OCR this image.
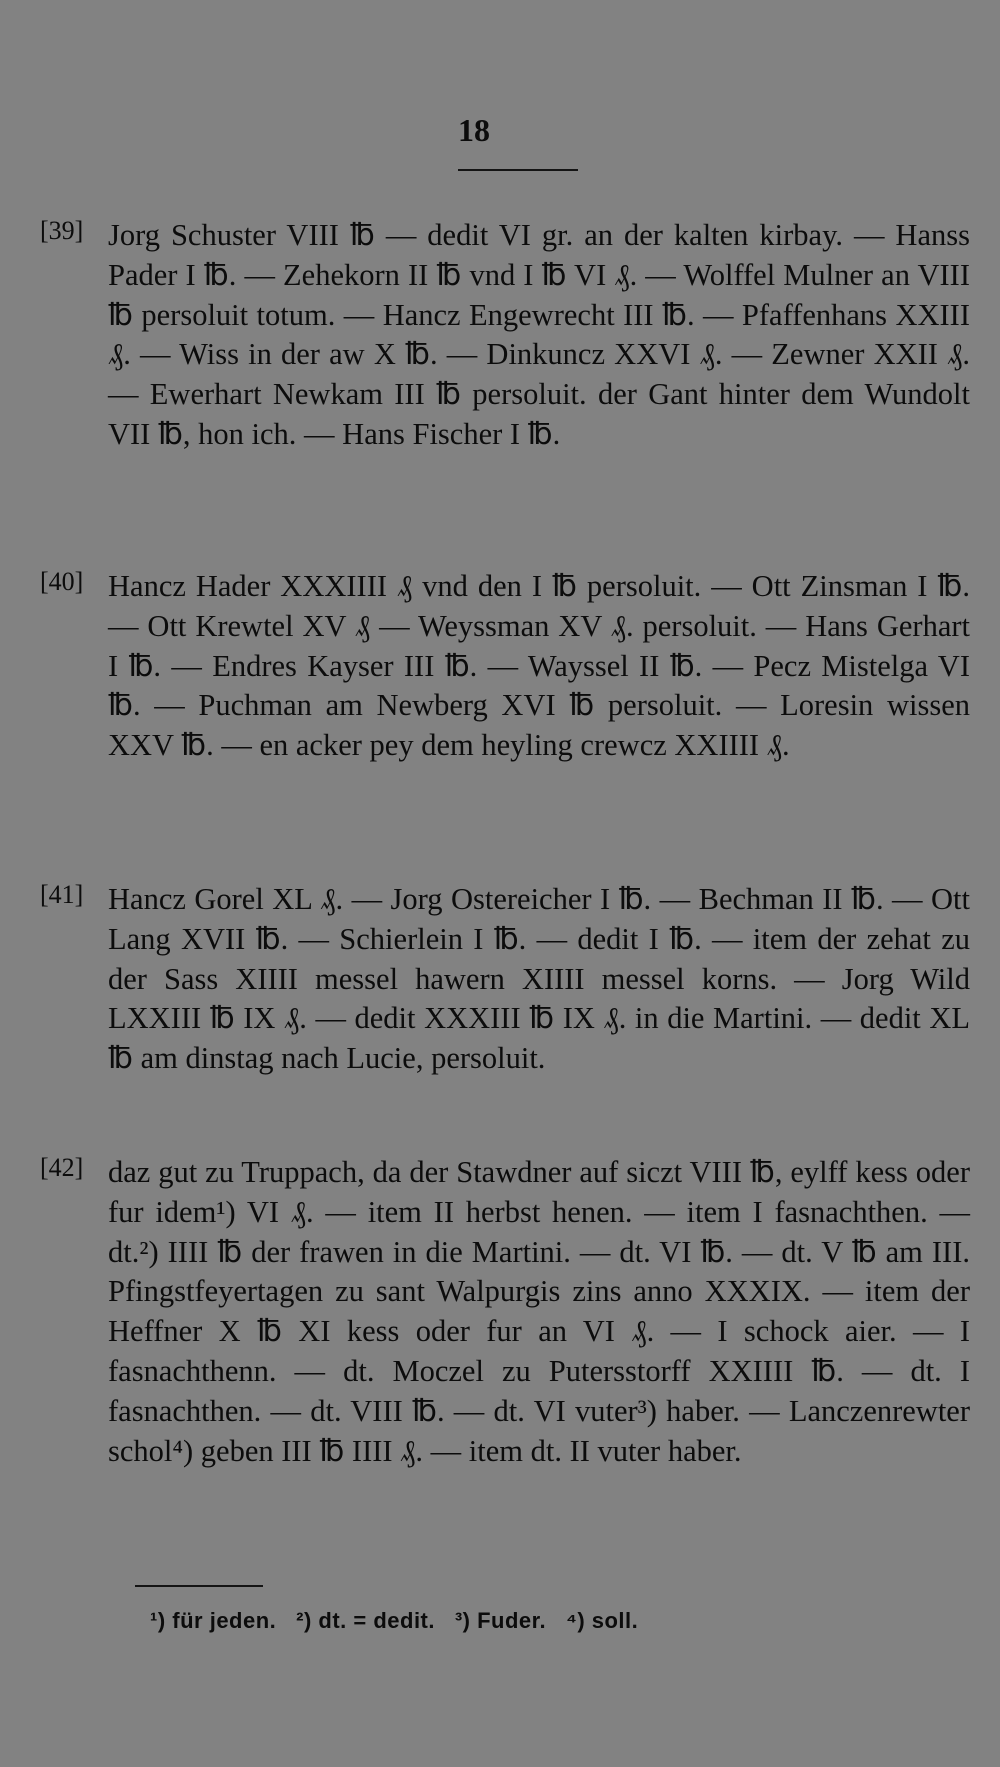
18
[39] Jorg Schuster VIII ℔ — dedit VI gr. an der kalten kirbay. — Hanss Pader I ℔. — Zehekorn II ℔ vnd I ℔ VI ₰. — Wolffel Mulner an VIII ℔ persoluit totum. — Hancz Engewrecht III ℔. — Pfaffenhans XXIII ₰. — Wiss in der aw X ℔. — Dinkuncz XXVI ₰. — Zewner XXII ₰. — Ewerhart Newkam III ℔ persoluit. der Gant hinter dem Wundolt VII ℔, hon ich. — Hans Fischer I ℔.
[40] Hancz Hader XXXIIII ₰ vnd den I ℔ persoluit. — Ott Zinsman I ℔. — Ott Krewtel XV ₰ — Weyssman XV ₰. persoluit. — Hans Gerhart I ℔. — Endres Kayser III ℔. — Wayssel II ℔. — Pecz Mistelga VI ℔. — Puchman am Newberg XVI ℔ persoluit. — Loresin wissen XXV ℔. — en acker pey dem heyling crewcz XXIIII ₰.
[41] Hancz Gorel XL ₰. — Jorg Ostereicher I ℔. — Bechman II ℔. — Ott Lang XVII ℔. — Schierlein I ℔. — dedit I ℔. — item der zehat zu der Sass XIIII messel hawern XIIII messel korns. — Jorg Wild LXXIII ℔ IX ₰. — dedit XXXIII ℔ IX ₰. in die Martini. — dedit XL ℔ am dinstag nach Lucie, persoluit.
[42] daz gut zu Truppach, da der Stawdner auf siczt VIII ℔, eylff kess oder fur idem¹) VI ₰. — item II herbst henen. — item I fasnachthen. — dt.²) IIII ℔ der frawen in die Martini. — dt. VI ℔. — dt. V ℔ am III. Pfingstfeyertagen zu sant Walpurgis zins anno XXXIX. — item der Heffner X ℔ XI kess oder fur an VI ₰. — I schock aier. — I fasnachthenn. — dt. Moczel zu Putersstorff XXIIII ℔. — dt. I fasnachthen. — dt. VIII ℔. — dt. VI vuter³) haber. — Lanczenrewter schol⁴) geben III ℔ IIII ₰. — item dt. II vuter haber.
¹) für jeden.   ²) dt. = dedit.   ³) Fuder.   ⁴) soll.
